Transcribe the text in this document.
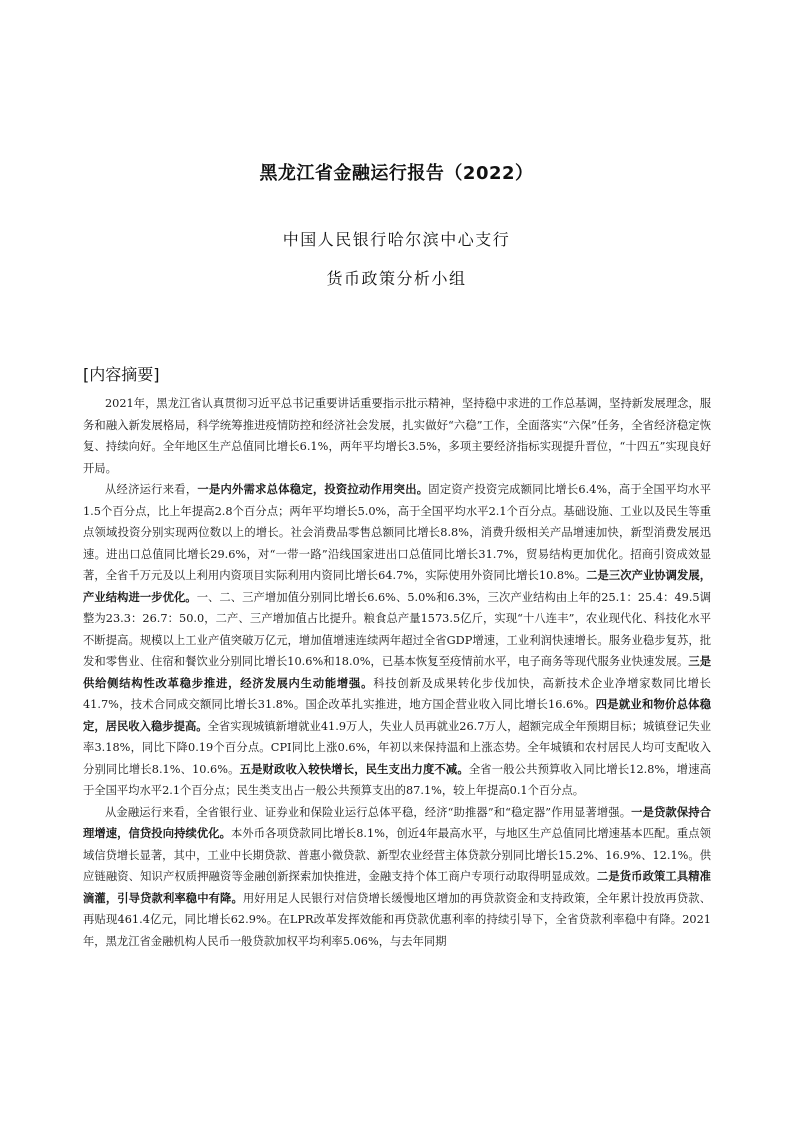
黑龙江省金融运行报告（2022）
中国人民银行哈尔滨中心支行
货币政策分析小组
[内容摘要]

2021年，黑龙江省认真贯彻习近平总书记重要讲话重要指示批示精神，坚持稳中求进的工作总基调，坚持新发展理念，服务和融入新发展格局，科学统筹推进疫情防控和经济社会发展，扎实做好“六稳”工作，全面落实“六保”任务，全省经济稳定恢复、持续向好。全年地区生产总值同比增长6.1%，两年平均增长3.5%，多项主要经济指标实现提升晋位，“十四五”实现良好开局。

从经济运行来看，一是内外需求总体稳定，投资拉动作用突出。固定资产投资完成额同比增长6.4%，高于全国平均水平1.5个百分点，比上年提高2.8个百分点；两年平均增长5.0%，高于全国平均水平2.1个百分点。基础设施、工业以及民生等重点领域投资分别实现两位数以上的增长。社会消费品零售总额同比增长8.8%，消费升级相关产品增速加快，新型消费发展迅速。进出口总值同比增长29.6%，对“一带一路”沿线国家进出口总值同比增长31.7%，贸易结构更加优化。招商引资成效显著，全省千万元及以上利用内资项目实际利用内资同比增长64.7%，实际使用外资同比增长10.8%。二是三次产业协调发展，产业结构进一步优化。一、二、三产增加值分别同比增长6.6%、5.0%和6.3%，三次产业结构由上年的25.1：25.4：49.5调整为23.3：26.7：50.0，二产、三产增加值占比提升。粮食总产量1573.5亿斤，实现“十八连丰”，农业现代化、科技化水平不断提高。规模以上工业产值突破万亿元，增加值增速连续两年超过全省GDP增速，工业利润快速增长。服务业稳步复苏，批发和零售业、住宿和餐饮业分别同比增长10.6%和18.0%，已基本恢复至疫情前水平，电子商务等现代服务业快速发展。三是供给侧结构性改革稳步推进，经济发展内生动能增强。科技创新及成果转化步伐加快，高新技术企业净增家数同比增长41.7%，技术合同成交额同比增长31.8%。国企改革扎实推进，地方国企营业收入同比增长16.6%。四是就业和物价总体稳定，居民收入稳步提高。全省实现城镇新增就业41.9万人，失业人员再就业26.7万人，超额完成全年预期目标；城镇登记失业率3.18%，同比下降0.19个百分点。CPI同比上涨0.6%，年初以来保持温和上涨态势。全年城镇和农村居民人均可支配收入分别同比增长8.1%、10.6%。五是财政收入较快增长，民生支出力度不减。全省一般公共预算收入同比增长12.8%，增速高于全国平均水平2.1个百分点；民生类支出占一般公共预算支出的87.1%，较上年提高0.1个百分点。

从金融运行来看，全省银行业、证券业和保险业运行总体平稳，经济“助推器”和“稳定器”作用显著增强。一是贷款保持合理增速，信贷投向持续优化。本外币各项贷款同比增长8.1%，创近4年最高水平，与地区生产总值同比增速基本匹配。重点领域信贷增长显著，其中，工业中长期贷款、普惠小微贷款、新型农业经营主体贷款分别同比增长15.2%、16.9%、12.1%。供应链融资、知识产权质押融资等金融创新探索加快推进，金融支持个体工商户专项行动取得明显成效。二是货币政策工具精准滴灌，引导贷款利率稳中有降。用好用足人民银行对信贷增长缓慢地区增加的再贷款资金和支持政策，全年累计投放再贷款、再贴现461.4亿元，同比增长62.9%。在LPR改革发挥效能和再贷款优惠利率的持续引导下，全省贷款利率稳中有降。2021年，黑龙江省金融机构人民币一般贷款加权平均利率5.06%，与去年同期
